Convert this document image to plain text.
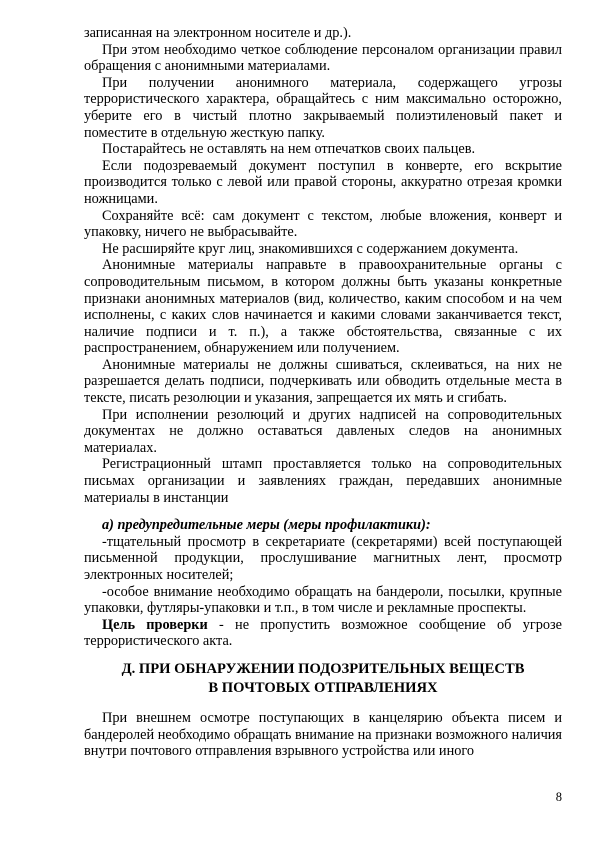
записанная на электронном носителе и др.).

При этом необходимо четкое соблюдение персоналом организации правил обращения с анонимными материалами.

При получении анонимного материала, содержащего угрозы террористического характера, обращайтесь с ним максимально осторожно, уберите его в чистый плотно закрываемый полиэтиленовый пакет и поместите в отдельную жесткую папку.

Постарайтесь не оставлять на нем отпечатков своих пальцев.

Если подозреваемый документ поступил в конверте, его вскрытие производится только с левой или правой стороны, аккуратно отрезая кромки ножницами.

Сохраняйте всё: сам документ с текстом, любые вложения, конверт и упаковку, ничего не выбрасывайте.

Не расширяйте круг лиц, знакомившихся с содержанием документа.

Анонимные материалы направьте в правоохранительные органы с сопроводительным письмом, в котором должны быть указаны конкретные признаки анонимных материалов (вид, количество, каким способом и на чем исполнены, с каких слов начинается и какими словами заканчивается текст, наличие подписи и т. п.), а также обстоятельства, связанные с их распространением, обнаружением или получением.

Анонимные материалы не должны сшиваться, склеиваться, на них не разрешается делать подписи, подчеркивать или обводить отдельные места в тексте, писать резолюции и указания, запрещается их мять и сгибать.

При исполнении резолюций и других надписей на сопроводительных документах не должно оставаться давленых следов на анонимных материалах.

Регистрационный штамп проставляется только на сопроводительных письмах организации и заявлениях граждан, передавших анонимные материалы в инстанции

а) предупредительные меры (меры профилактики):

-тщательный просмотр в секретариате (секретарями) всей поступающей письменной продукции, прослушивание магнитных лент, просмотр электронных носителей;

-особое внимание необходимо обращать на бандероли, посылки, крупные упаковки, футляры-упаковки и т.п., в том числе и рекламные проспекты.

Цель проверки - не пропустить возможное сообщение об угрозе террористического акта.

Д. ПРИ ОБНАРУЖЕНИИ ПОДОЗРИТЕЛЬНЫХ ВЕЩЕСТВ
В ПОЧТОВЫХ ОТПРАВЛЕНИЯХ

При внешнем осмотре поступающих в канцелярию объекта писем и бандеролей необходимо обращать внимание на признаки возможного наличия внутри почтового отправления взрывного устройства или иного

8
